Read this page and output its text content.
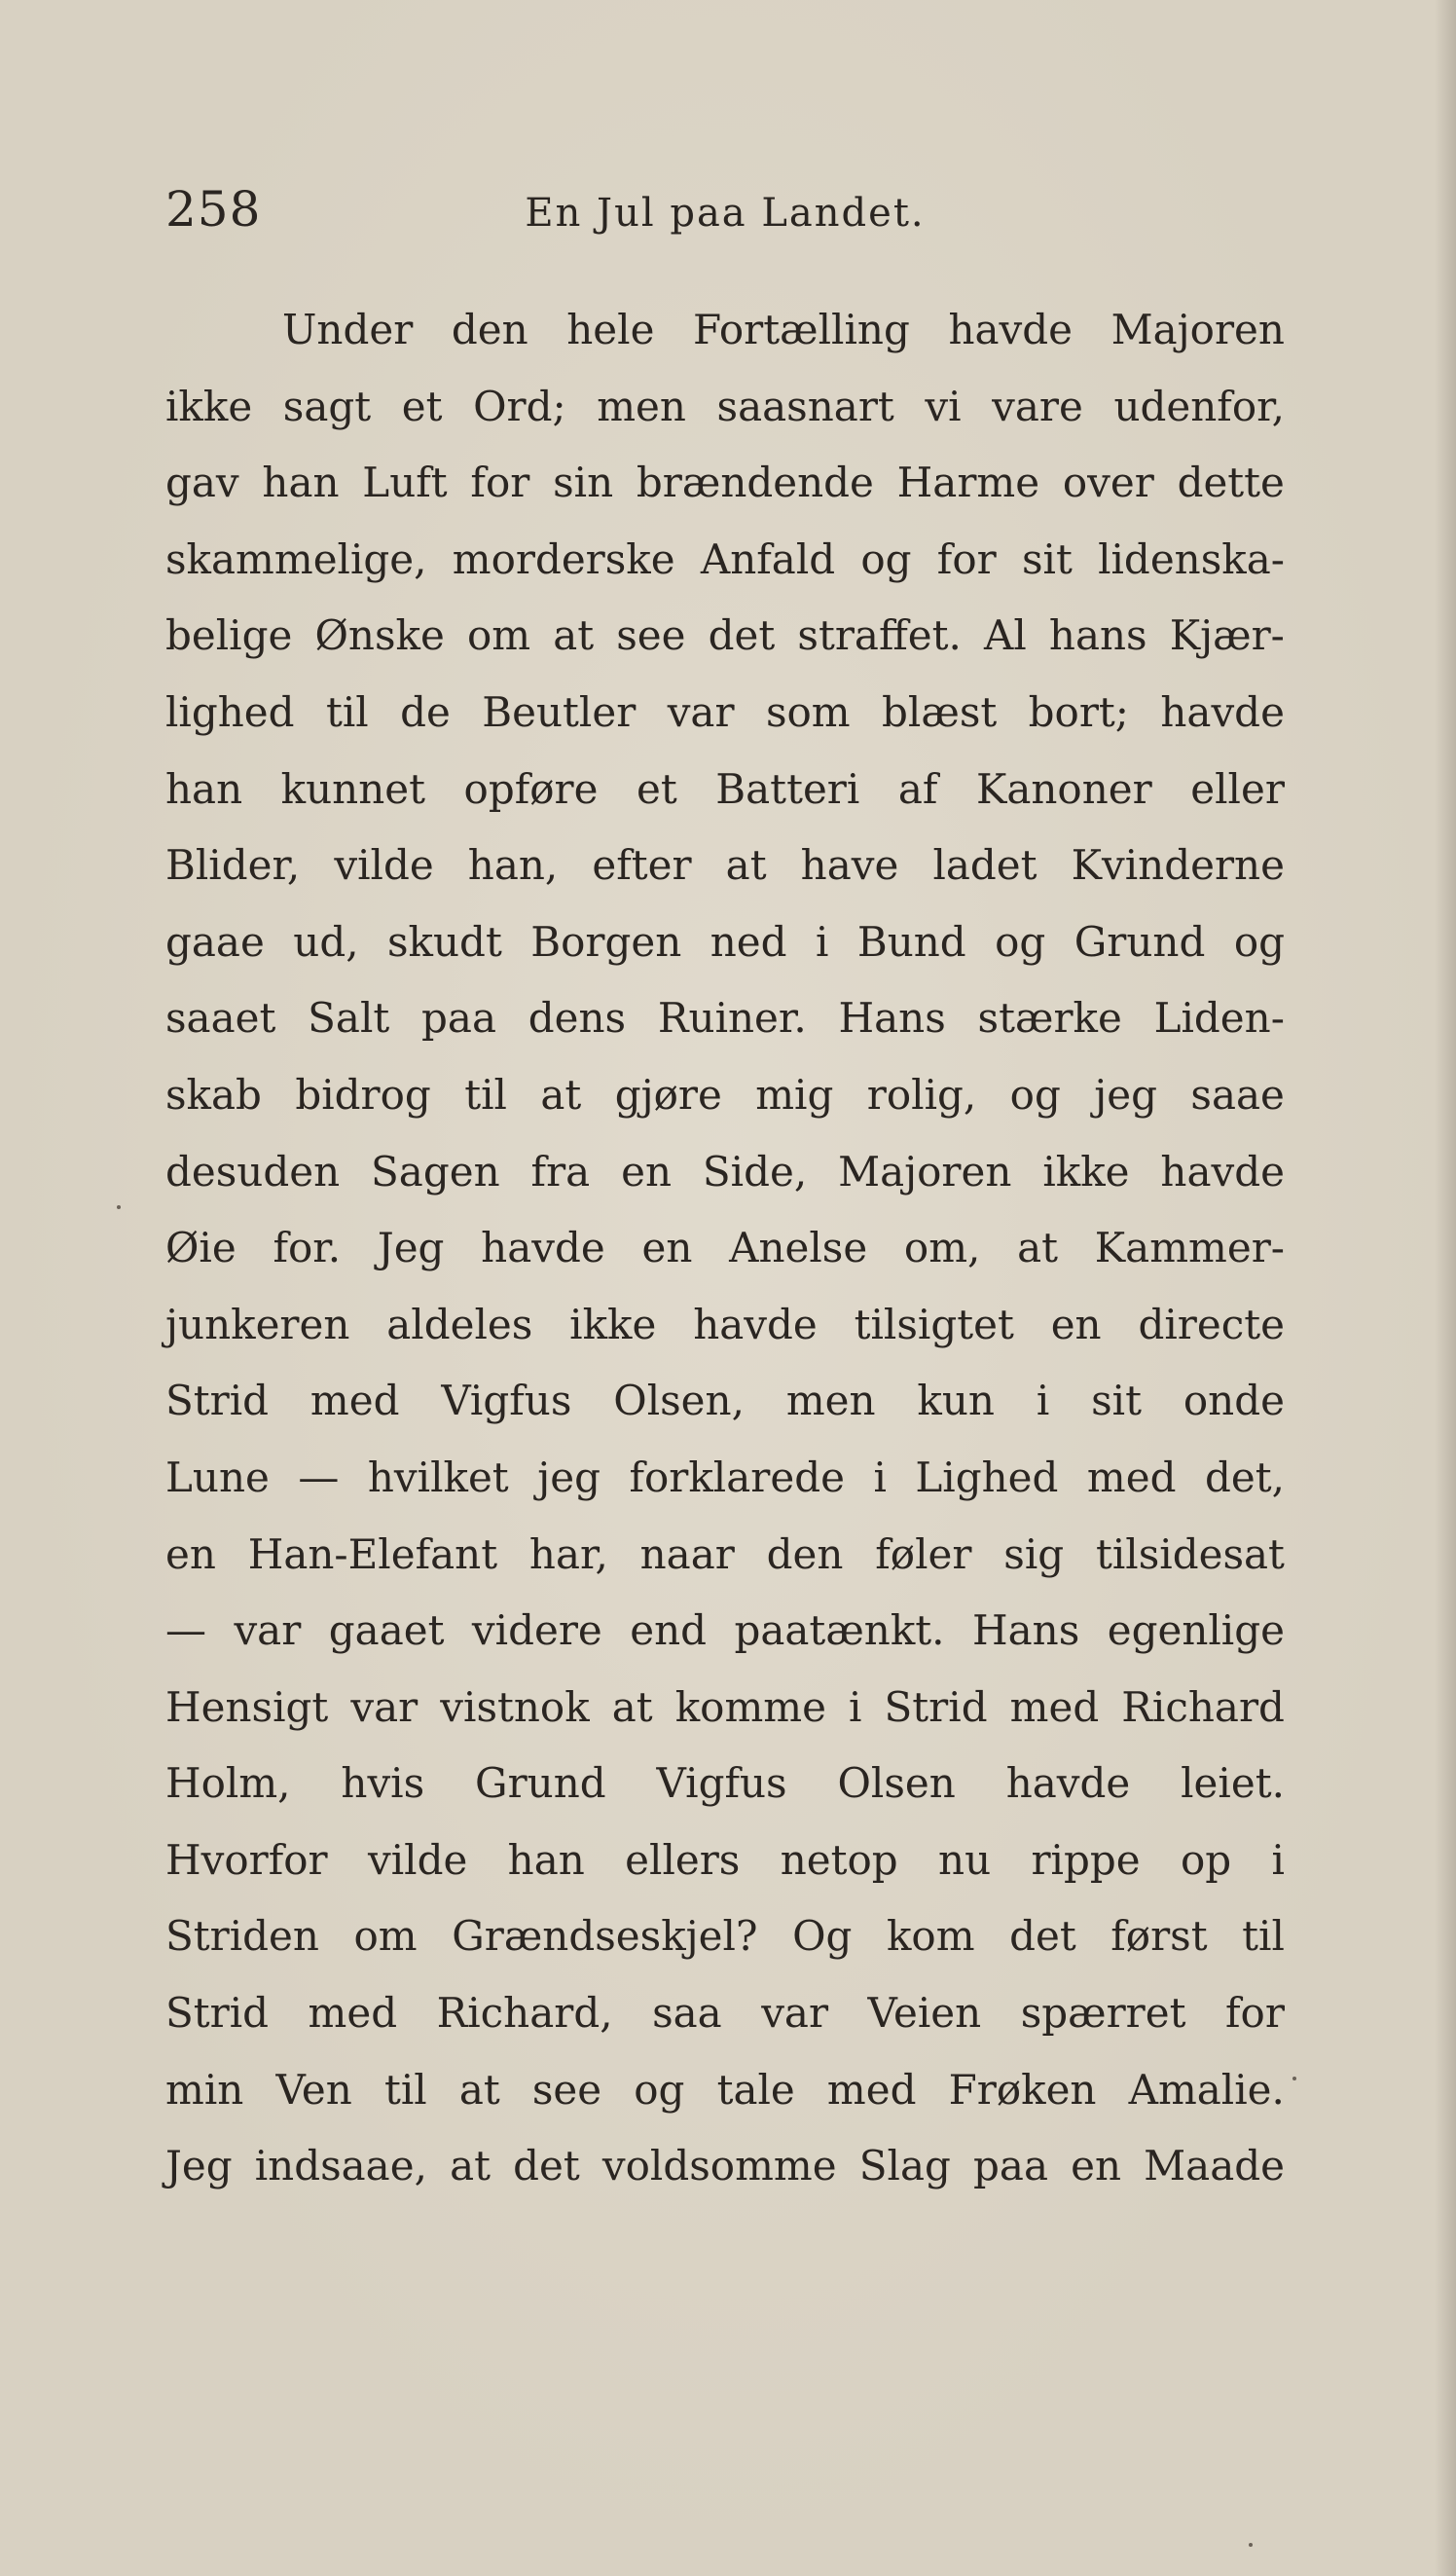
258	En Jul paa Landet.
Under den hele Fortælling havde Majoren
ikke sagt et Ord; men saasnart vi vare udenfor,
gav han Luft for sin brændende Harme over dette
skammelige, morderske Anfald og for sit lidenska-
belige Ønske om at see det straffet. Al hans Kjær-
lighed til de Beutler var som blæst bort; havde
han kunnet opføre et Batteri af Kanoner eller
Blider, vilde han, efter at have ladet Kvinderne
gaae ud, skudt Borgen ned i Bund og Grund og
saaet Salt paa dens Ruiner. Hans stærke Liden-
skab bidrog til at gjøre mig rolig, og jeg saae
desuden Sagen fra en Side, Majoren ikke havde
Øie for. Jeg havde en Anelse om, at Kammer-
junkeren aldeles ikke havde tilsigtet en directe
Strid med Vigfus Olsen, men kun i sit onde
Lune — hvilket jeg forklarede i Lighed med det,
en Han-Elefant har, naar den føler sig tilsidesat
— var gaaet videre end paatænkt. Hans egenlige
Hensigt var vistnok at komme i Strid med Richard
Holm, hvis Grund Vigfus Olsen havde leiet.
Hvorfor vilde han ellers netop nu rippe op i
Striden om Grændseskjel? Og kom det først til
Strid med Richard, saa var Veien spærret for
min Ven til at see og tale med Frøken Amalie.
Jeg indsaae, at det voldsomme Slag paa en Maade
